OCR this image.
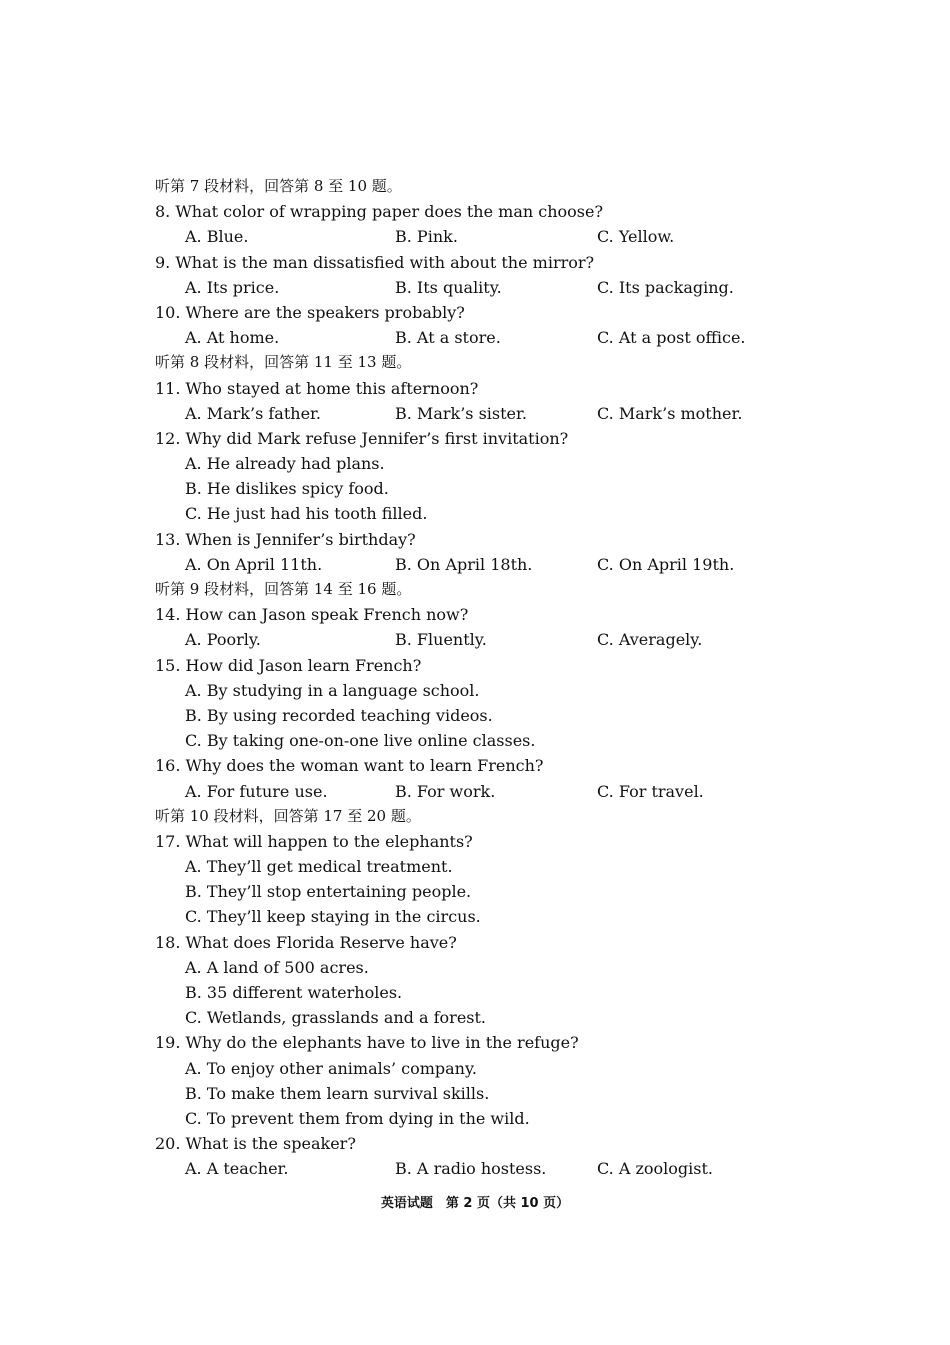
听第 7 段材料，回答第 8 至 10 题。
8. What color of wrapping paper does the man choose?
A. Blue.	B. Pink.	C. Yellow.
9. What is the man dissatisfied with about the mirror?
A. Its price.	B. Its quality.	C. Its packaging.
10. Where are the speakers probably?
A. At home.	B. At a store.	C. At a post office.
听第 8 段材料，回答第 11 至 13 题。
11. Who stayed at home this afternoon?
A. Mark’s father.	B. Mark’s sister.	C. Mark’s mother.
12. Why did Mark refuse Jennifer’s first invitation?
A. He already had plans.
B. He dislikes spicy food.
C. He just had his tooth filled.
13. When is Jennifer’s birthday?
A. On April 11th.	B. On April 18th.	C. On April 19th.
听第 9 段材料，回答第 14 至 16 题。
14. How can Jason speak French now?
A. Poorly.	B. Fluently.	C. Averagely.
15. How did Jason learn French?
A. By studying in a language school.
B. By using recorded teaching videos.
C. By taking one-on-one live online classes.
16. Why does the woman want to learn French?
A. For future use.	B. For work.	C. For travel.
听第 10 段材料，回答第 17 至 20 题。
17. What will happen to the elephants?
A. They’ll get medical treatment.
B. They’ll stop entertaining people.
C. They’ll keep staying in the circus.
18. What does Florida Reserve have?
A. A land of 500 acres.
B. 35 different waterholes.
C. Wetlands, grasslands and a forest.
19. Why do the elephants have to live in the refuge?
A. To enjoy other animals’ company.
B. To make them learn survival skills.
C. To prevent them from dying in the wild.
20. What is the speaker?
A. A teacher.	B. A radio hostess.	C. A zoologist.
英语试题　第 2 页（共 10 页）
